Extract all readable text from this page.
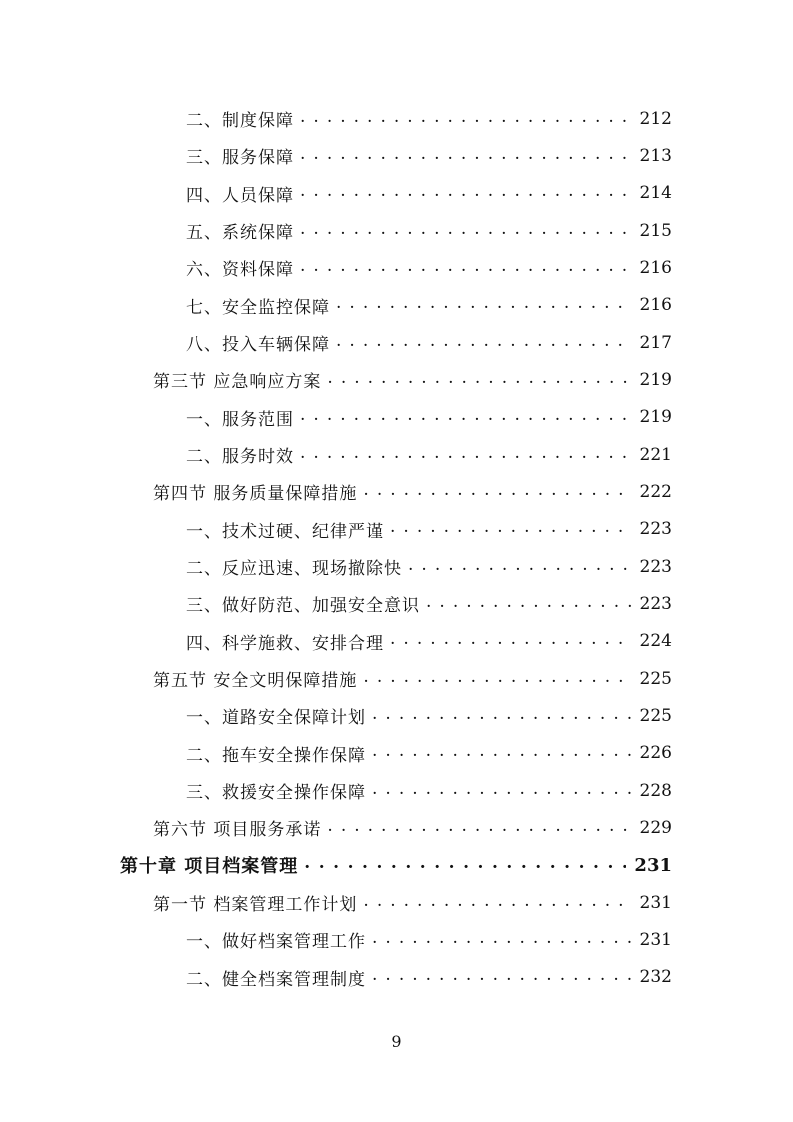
二、制度保障 . . .	212
三、服务保障 . . .	213
四、人员保障 . . .	214
五、系统保障 . . .	215
六、资料保障 . . .	216
七、安全监控保障 . . .	216
八、投入车辆保障 . . .	217
第三节 应急响应方案 . . .	219
一、服务范围 . . .	219
二、服务时效 . . .	221
第四节 服务质量保障措施 . . .	222
一、技术过硬、纪律严谨 . . .	223
二、反应迅速、现场撤除快 . . .	223
三、做好防范、加强安全意识 . . .	223
四、科学施救、安排合理 . . .	224
第五节 安全文明保障措施 . . .	225
一、道路安全保障计划 . . .	225
二、拖车安全操作保障 . . .	226
三、救援安全操作保障 . . .	228
第六节 项目服务承诺 . . .	229
第十章 项目档案管理 . . .	231
第一节 档案管理工作计划 . . .	231
一、做好档案管理工作 . . .	231
二、健全档案管理制度 . . .	232
9
